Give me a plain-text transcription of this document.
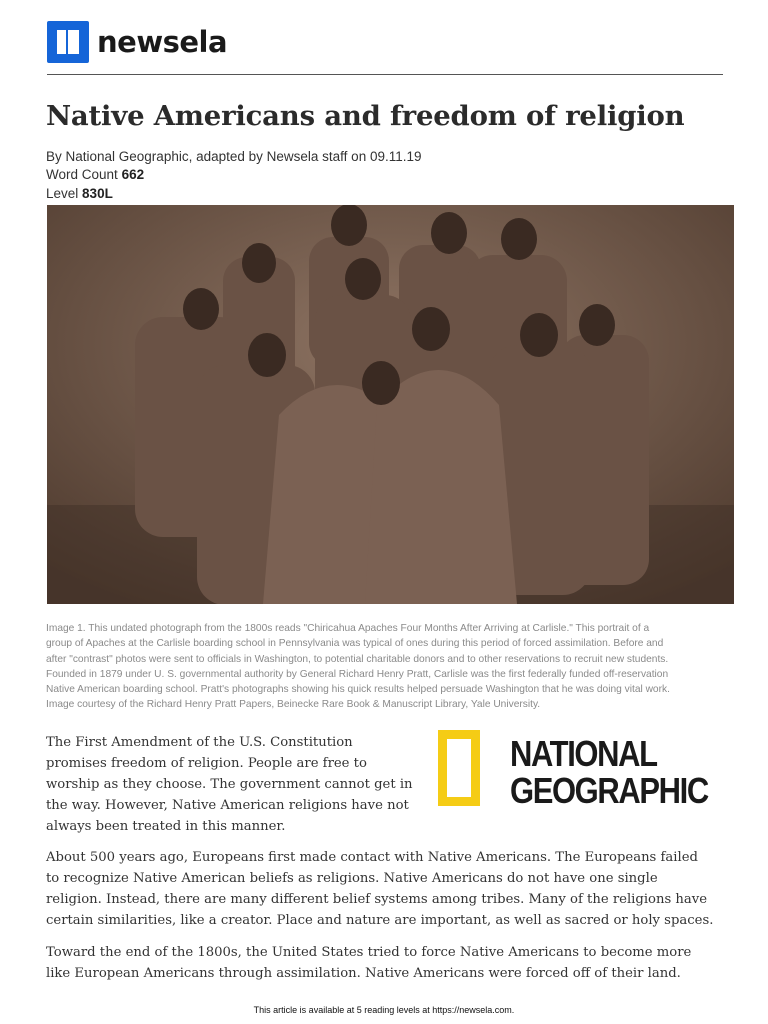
newsela
Native Americans and freedom of religion
By National Geographic, adapted by Newsela staff on 09.11.19
Word Count 662
Level 830L

Image 1. This undated photograph from the 1800s reads "Chiricahua Apaches Four Months After Arriving at Carlisle." This portrait of a

group of Apaches at the Carlisle boarding school in Pennsylvania was typical of ones during this period of forced assimilation. Before and

after "contrast" photos were sent to officials in Washington, to potential charitable donors and to other reservations to recruit new students.

Founded in 1879 under U. S. governmental authority by General Richard Henry Pratt, Carlisle was the first federally funded off-reservation

Native American boarding school. Pratt's photographs showing his quick results helped persuade Washington that he was doing vital work.

Image courtesy of the Richard Henry Pratt Papers, Beinecke Rare Book & Manuscript Library, Yale University.

The First Amendment of the U.S. Constitution
promises freedom of religion. People are free to
worship as they choose. The government cannot get in
the way. However, Native American religions have not
always been treated in this manner.
NATIONAL
GEOGRAPHIC
About 500 years ago, Europeans first made contact with Native Americans. The Europeans failed
to recognize Native American beliefs as religions. Native Americans do not have one single
religion. Instead, there are many different belief systems among tribes. Many of the religions have
certain similarities, like a creator. Place and nature are important, as well as sacred or holy spaces.
Toward the end of the 1800s, the United States tried to force Native Americans to become more
like European Americans through assimilation. Native Americans were forced off of their land.
This article is available at 5 reading levels at https://newsela.com.
